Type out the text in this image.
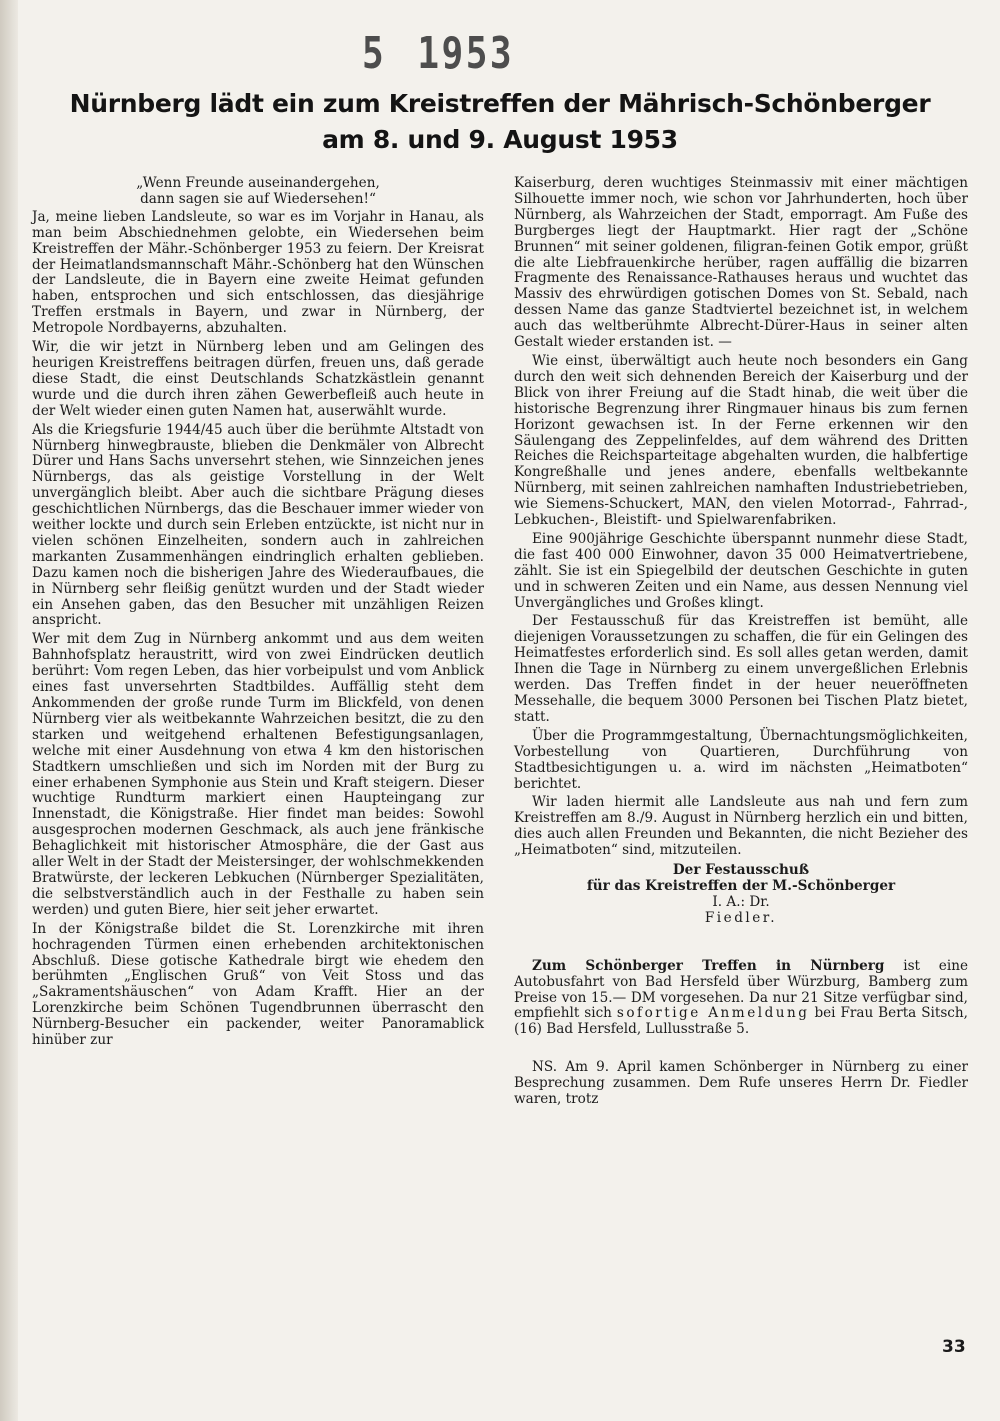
5 1953
Nürnberg lädt ein zum Kreistreffen der Mährisch-Schönberger
am 8. und 9. August 1953
„Wenn Freunde auseinandergehen,
dann sagen sie auf Wiedersehen!“

Ja, meine lieben Landsleute, so war es im Vorjahr in Hanau, als man beim Abschiednehmen gelobte, ein Wiedersehen beim Kreistreffen der Mähr.-Schönberger 1953 zu feiern. Der Kreisrat der Heimatlandsmannschaft Mähr.-Schönberg hat den Wünschen der Landsleute, die in Bayern eine zweite Heimat gefunden haben, entsprochen und sich entschlossen, das diesjährige Treffen erstmals in Bayern, und zwar in Nürnberg, der Metropole Nordbayerns, abzuhalten.

Wir, die wir jetzt in Nürnberg leben und am Gelingen des heurigen Kreistreffens beitragen dürfen, freuen uns, daß gerade diese Stadt, die einst Deutschlands Schatzkästlein genannt wurde und die durch ihren zähen Gewerbefleiß auch heute in der Welt wieder einen guten Namen hat, auserwählt wurde.

Als die Kriegsfurie 1944/45 auch über die berühmte Altstadt von Nürnberg hinwegbrauste, blieben die Denkmäler von Albrecht Dürer und Hans Sachs unversehrt stehen, wie Sinnzeichen jenes Nürnbergs, das als geistige Vorstellung in der Welt unvergänglich bleibt. Aber auch die sichtbare Prägung dieses geschichtlichen Nürnbergs, das die Beschauer immer wieder von weither lockte und durch sein Erleben entzückte, ist nicht nur in vielen schönen Einzelheiten, sondern auch in zahlreichen markanten Zusammenhängen eindringlich erhalten geblieben. Dazu kamen noch die bisherigen Jahre des Wiederaufbaues, die in Nürnberg sehr fleißig genützt wurden und der Stadt wieder ein Ansehen gaben, das den Besucher mit unzähligen Reizen anspricht.

Wer mit dem Zug in Nürnberg ankommt und aus dem weiten Bahnhofsplatz heraustritt, wird von zwei Eindrücken deutlich berührt: Vom regen Leben, das hier vorbeipulst und vom Anblick eines fast unversehrten Stadtbildes. Auffällig steht dem Ankommenden der große runde Turm im Blickfeld, von denen Nürnberg vier als weitbekannte Wahrzeichen besitzt, die zu den starken und weitgehend erhaltenen Befestigungsanlagen, welche mit einer Ausdehnung von etwa 4 km den historischen Stadtkern umschließen und sich im Norden mit der Burg zu einer erhabenen Symphonie aus Stein und Kraft steigern. Dieser wuchtige Rundturm markiert einen Haupteingang zur Innenstadt, die Königstraße. Hier findet man beides: Sowohl ausgesprochen modernen Geschmack, als auch jene fränkische Behaglichkeit mit historischer Atmosphäre, die der Gast aus aller Welt in der Stadt der Meistersinger, der wohlschmekkenden Bratwürste, der leckeren Lebkuchen (Nürnberger Spezialitäten, die selbstverständlich auch in der Festhalle zu haben sein werden) und guten Biere, hier seit jeher erwartet.

In der Königstraße bildet die St. Lorenzkirche mit ihren hochragenden Türmen einen erhebenden architektonischen Abschluß. Diese gotische Kathedrale birgt wie ehedem den berühmten „Englischen Gruß“ von Veit Stoss und das „Sakramentshäuschen“ von Adam Krafft. Hier an der Lorenzkirche beim Schönen Tugendbrunnen überrascht den Nürnberg-Besucher ein packender, weiter Panoramablick hinüber zur

Kaiserburg, deren wuchtiges Steinmassiv mit einer mächtigen Silhouette immer noch, wie schon vor Jahrhunderten, hoch über Nürnberg, als Wahrzeichen der Stadt, emporragt. Am Fuße des Burgberges liegt der Hauptmarkt. Hier ragt der „Schöne Brunnen“ mit seiner goldenen, filigran-feinen Gotik empor, grüßt die alte Liebfrauenkirche herüber, ragen auffällig die bizarren Fragmente des Renaissance-Rathauses heraus und wuchtet das Massiv des ehrwürdigen gotischen Domes von St. Sebald, nach dessen Name das ganze Stadtviertel bezeichnet ist, in welchem auch das weltberühmte Albrecht-Dürer-Haus in seiner alten Gestalt wieder erstanden ist. —

Wie einst, überwältigt auch heute noch besonders ein Gang durch den weit sich dehnenden Bereich der Kaiserburg und der Blick von ihrer Freiung auf die Stadt hinab, die weit über die historische Begrenzung ihrer Ringmauer hinaus bis zum fernen Horizont gewachsen ist. In der Ferne erkennen wir den Säulengang des Zeppelinfeldes, auf dem während des Dritten Reiches die Reichsparteitage abgehalten wurden, die halbfertige Kongreßhalle und jenes andere, ebenfalls weltbekannte Nürnberg, mit seinen zahlreichen namhaften Industriebetrieben, wie Siemens-Schuckert, MAN, den vielen Motorrad-, Fahrrad-, Lebkuchen-, Bleistift- und Spielwarenfabriken.

Eine 900jährige Geschichte überspannt nunmehr diese Stadt, die fast 400 000 Einwohner, davon 35 000 Heimatvertriebene, zählt. Sie ist ein Spiegelbild der deutschen Geschichte in guten und in schweren Zeiten und ein Name, aus dessen Nennung viel Unvergängliches und Großes klingt.

Der Festausschuß für das Kreistreffen ist bemüht, alle diejenigen Voraussetzungen zu schaffen, die für ein Gelingen des Heimatfestes erforderlich sind. Es soll alles getan werden, damit Ihnen die Tage in Nürnberg zu einem unvergeßlichen Erlebnis werden. Das Treffen findet in der heuer neueröffneten Messehalle, die bequem 3000 Personen bei Tischen Platz bietet, statt.

Über die Programmgestaltung, Übernachtungsmöglichkeiten, Vorbestellung von Quartieren, Durchführung von Stadtbesichtigungen u. a. wird im nächsten „Heimatboten“ berichtet.

Wir laden hiermit alle Landsleute aus nah und fern zum Kreistreffen am 8./9. August in Nürnberg herzlich ein und bitten, dies auch allen Freunden und Bekannten, die nicht Bezieher des „Heimatboten“ sind, mitzuteilen.

Der Festausschuß
für das Kreistreffen der M.-Schönberger
I. A.: Dr.
Fiedler.

Zum Schönberger Treffen in Nürnberg ist eine Autobusfahrt von Bad Hersfeld über Würzburg, Bamberg zum Preise von 15.— DM vorgesehen. Da nur 21 Sitze verfügbar sind, empfiehlt sich sofortige Anmeldung bei Frau Berta Sitsch, (16) Bad Hersfeld, Lullusstraße 5.

NS. Am 9. April kamen Schönberger in Nürnberg zu einer Besprechung zusammen. Dem Rufe unseres Herrn Dr. Fiedler waren, trotz

33
